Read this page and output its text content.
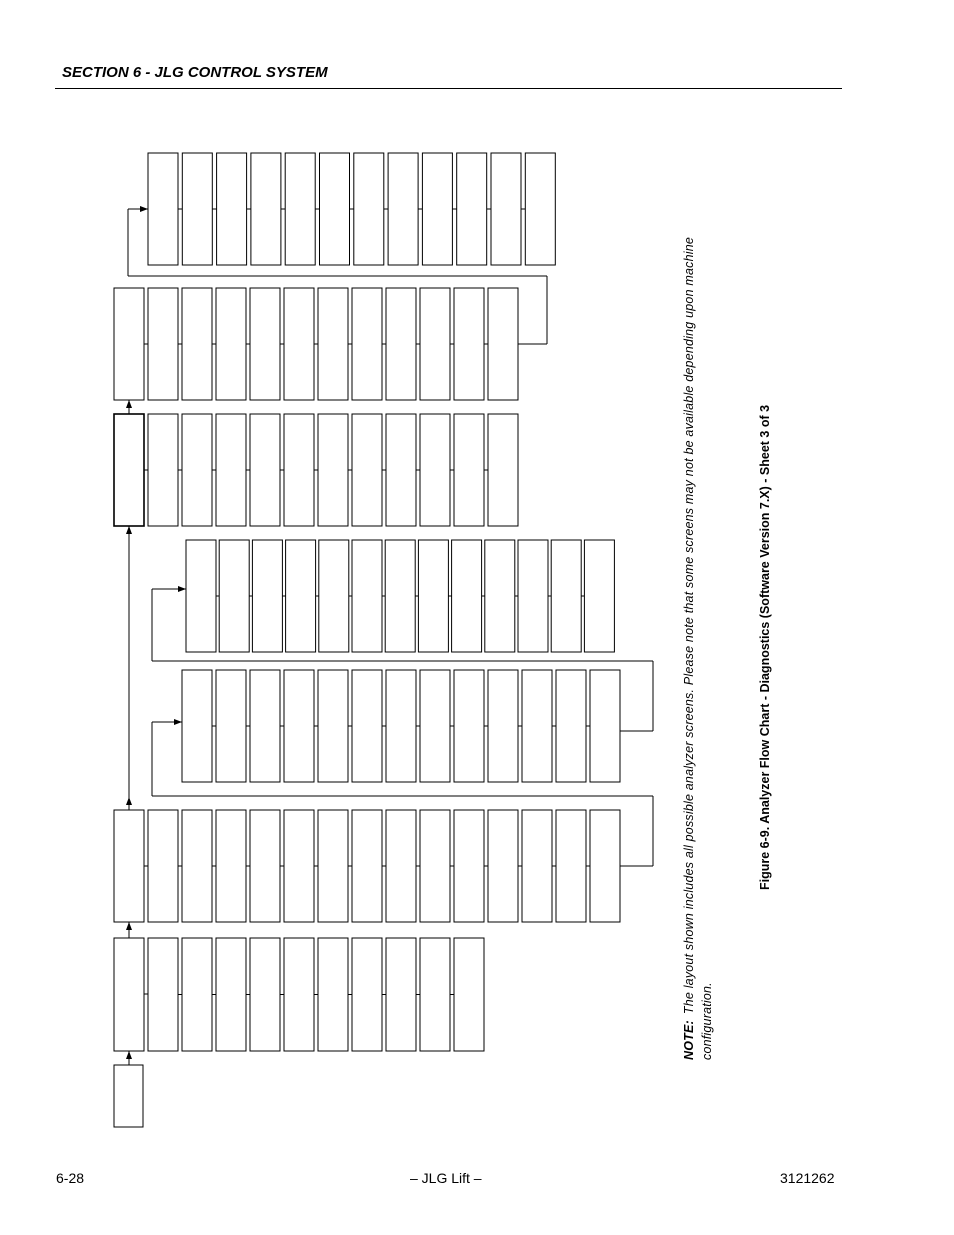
SECTION 6 - JLG CONTROL SYSTEM
NOTE:The layout shown includes all possible analyzer screens. Please note that some screens may not be available depending upon machine configuration.
Figure 6-9. Analyzer Flow Chart - Diagnostics (Software Version 7.X) - Sheet 3 of 3
6-28	– JLG Lift –	3121262
